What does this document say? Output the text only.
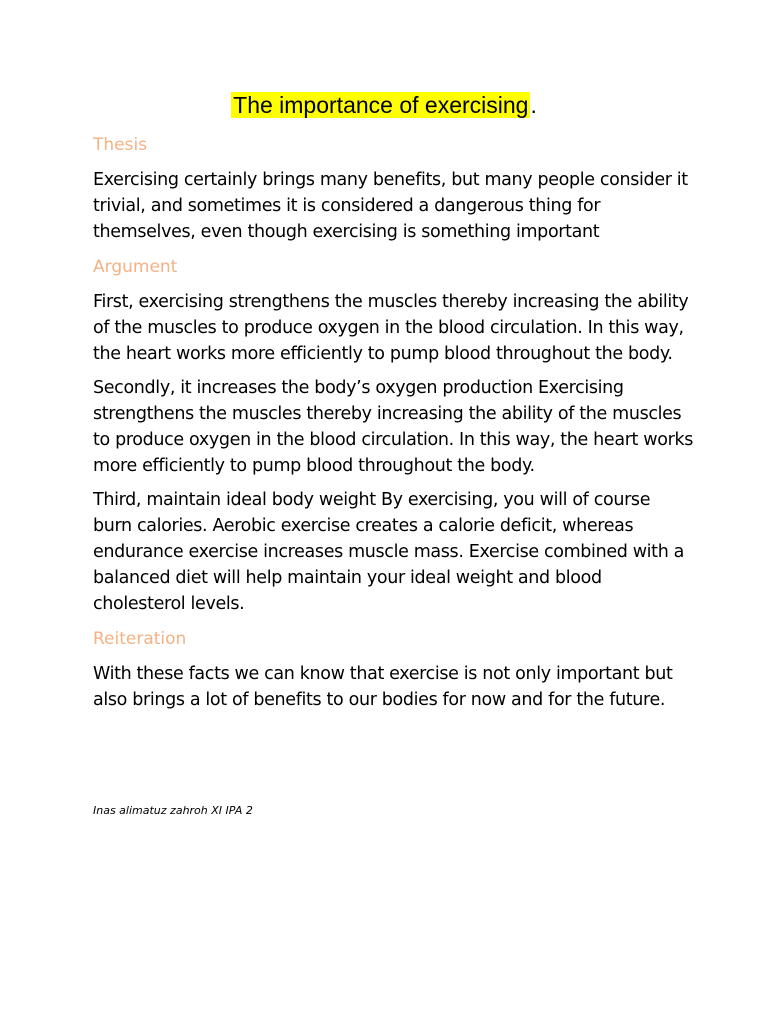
The importance of exercising.
Thesis

Exercising certainly brings many benefits, but many people consider it trivial, and sometimes it is considered a dangerous thing for themselves, even though exercising is something important

Argument

First, exercising strengthens the muscles thereby increasing the ability of the muscles to produce oxygen in the blood circulation. In this way, the heart works more efficiently to pump blood throughout the body.

Secondly, it increases the body’s oxygen production Exercising strengthens the muscles thereby increasing the ability of the muscles to produce oxygen in the blood circulation. In this way, the heart works more efficiently to pump blood throughout the body.

Third, maintain ideal body weight By exercising, you will of course burn calories. Aerobic exercise creates a calorie deficit, whereas endurance exercise increases muscle mass. Exercise combined with a balanced diet will help maintain your ideal weight and blood cholesterol levels.

Reiteration

With these facts we can know that exercise is not only important but also brings a lot of benefits to our bodies for now and for the future.

Inas alimatuz zahroh XI IPA 2
